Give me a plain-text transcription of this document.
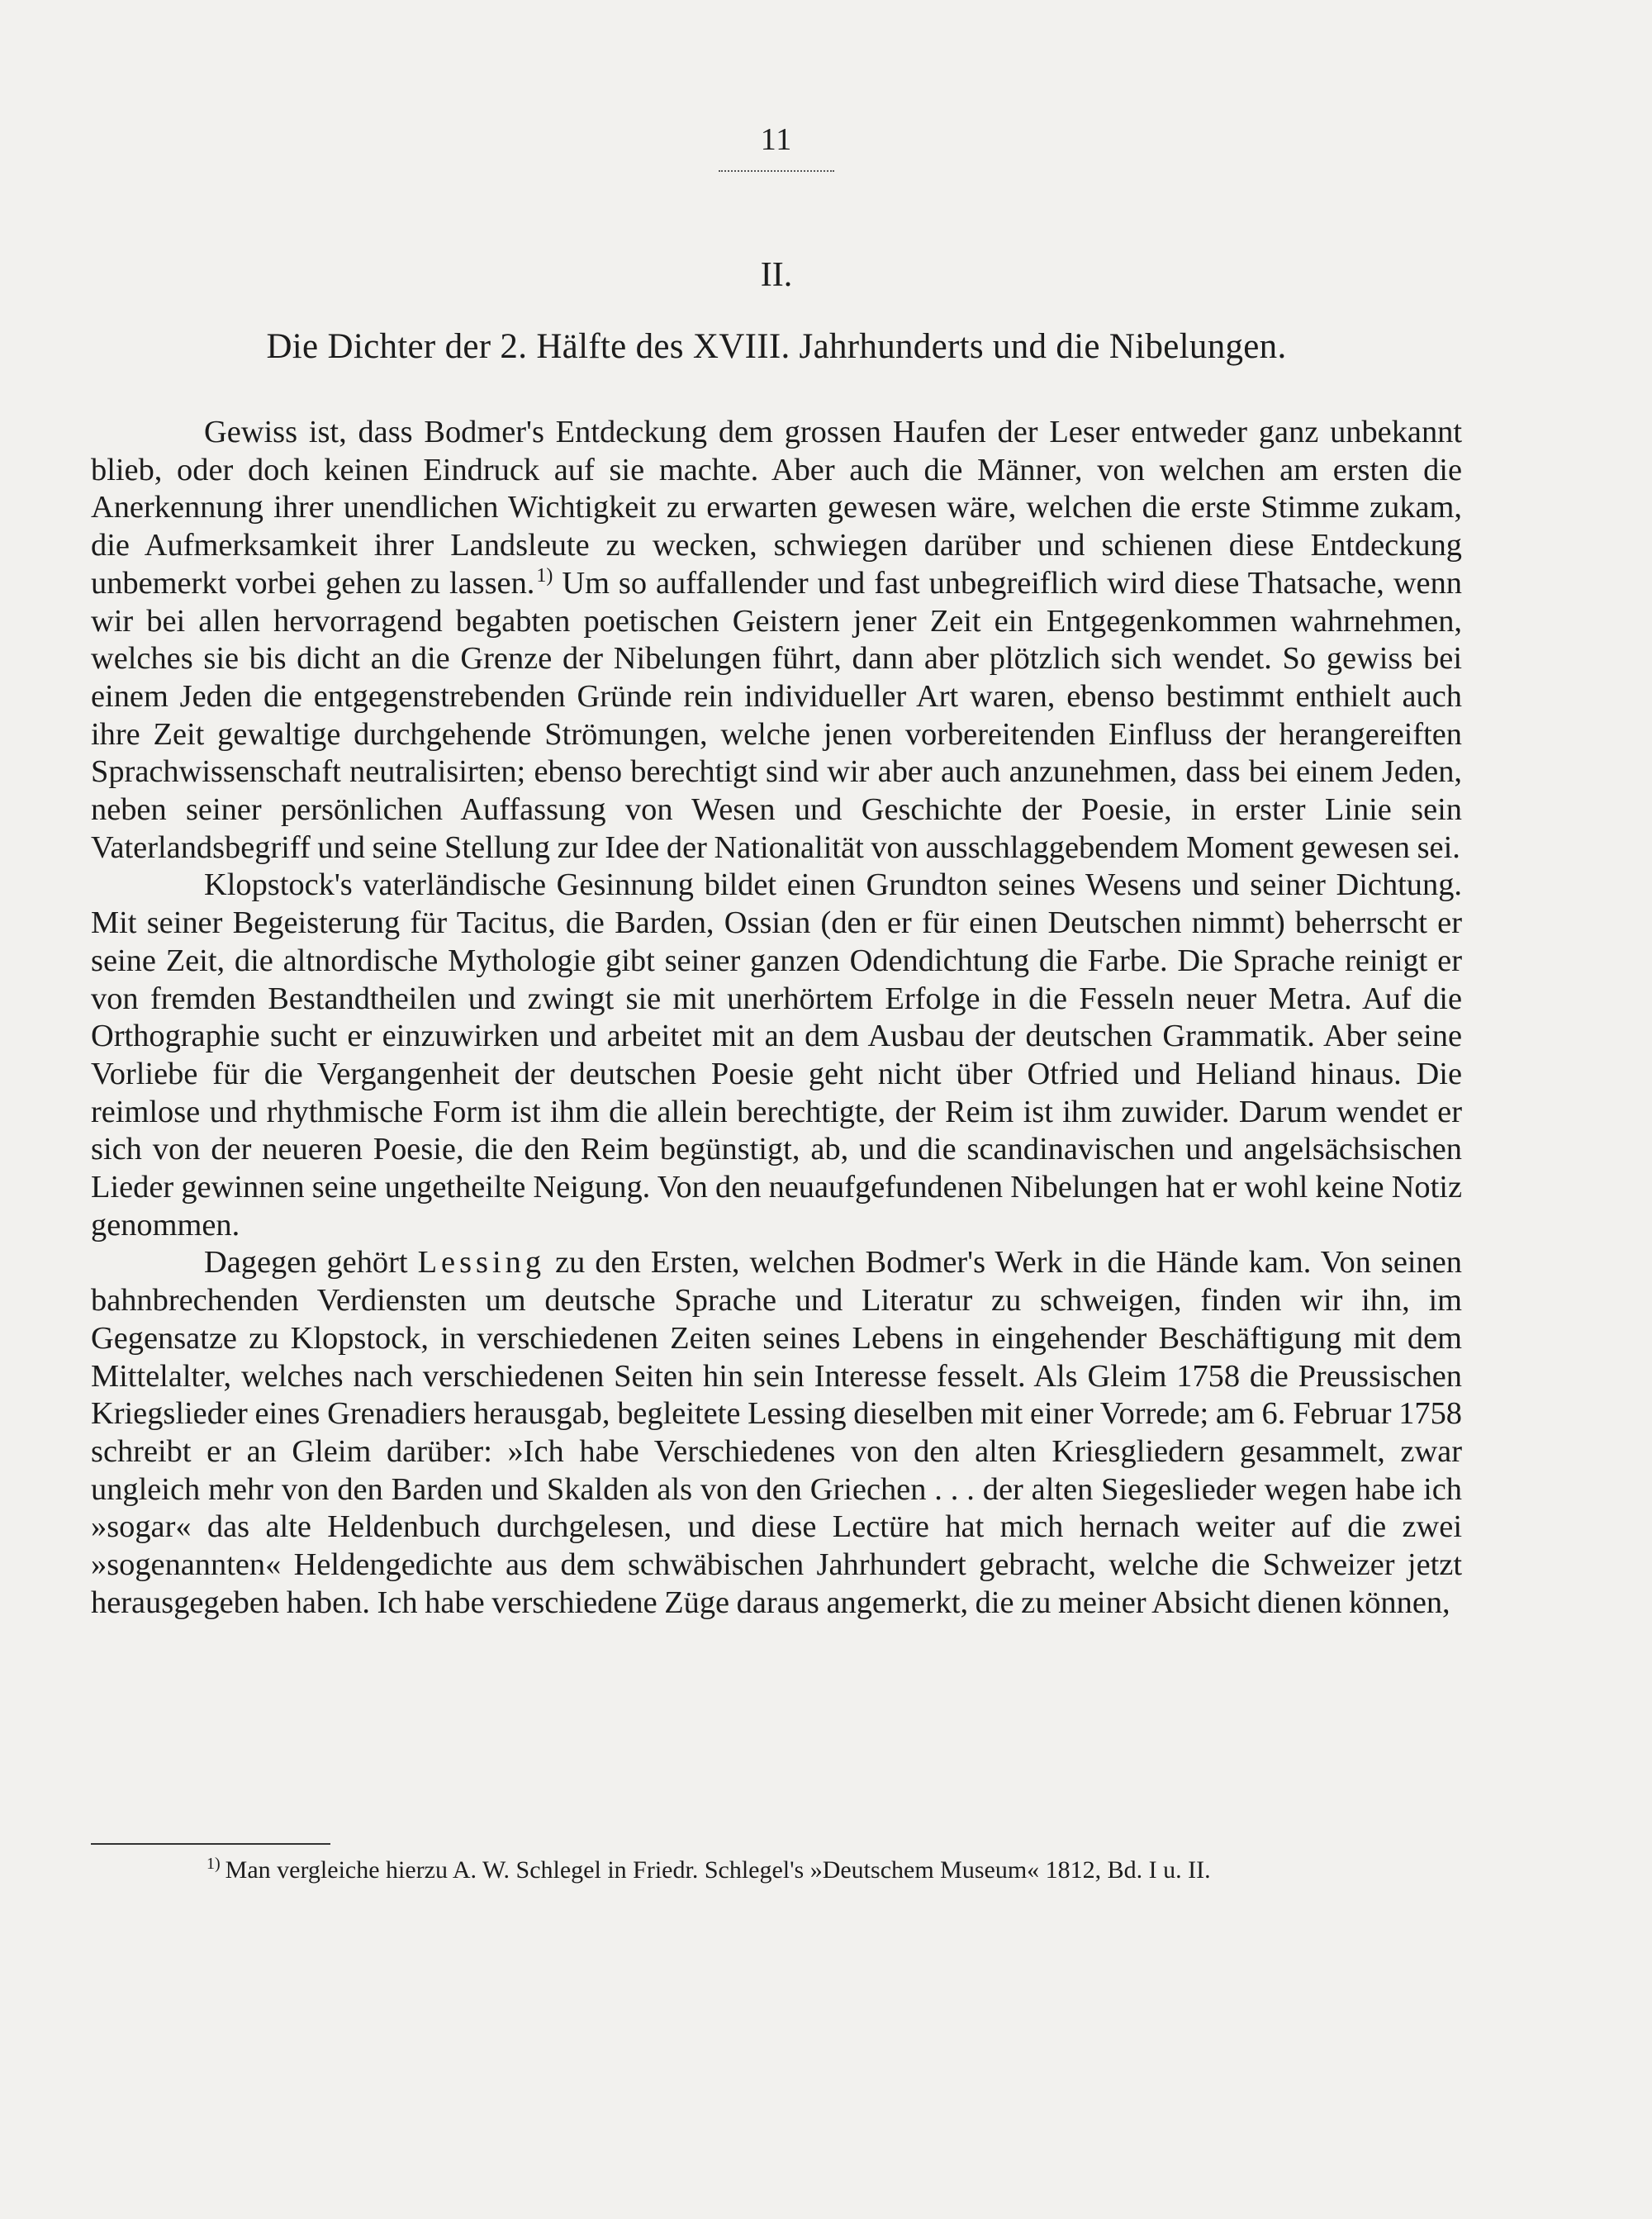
11
II.
Die Dichter der 2. Hälfte des XVIII. Jahrhunderts und die Nibelungen.

Gewiss ist, dass Bodmer's Entdeckung dem grossen Haufen der Leser entweder ganz unbekannt blieb, oder doch keinen Eindruck auf sie machte. Aber auch die Männer, von welchen am ersten die Anerkennung ihrer unendlichen Wichtigkeit zu erwarten gewesen wäre, welchen die erste Stimme zukam, die Aufmerksamkeit ihrer Landsleute zu wecken, schwiegen darüber und schienen diese Entdeckung unbemerkt vorbei gehen zu lassen.$^{1)}$ Um so auffallender und fast unbegreiflich wird diese Thatsache, wenn wir bei allen hervorragend begabten poetischen Geistern jener Zeit ein Entgegenkommen wahrnehmen, welches sie bis dicht an die Grenze der Nibelungen führt, dann aber plötzlich sich wendet. So gewiss bei einem Jeden die entgegenstrebenden Gründe rein individueller Art waren, ebenso bestimmt enthielt auch ihre Zeit gewaltige durchgehende Strömungen, welche jenen vorbereitenden Einfluss der herangereiften Sprachwissenschaft neutralisirten; ebenso berechtigt sind wir aber auch anzunehmen, dass bei einem Jeden, neben seiner persönlichen Auffassung von Wesen und Geschichte der Poesie, in erster Linie sein Vaterlandsbegriff und seine Stellung zur Idee der Nationalität von ausschlaggebendem Moment gewesen sei.

Klopstock's vaterländische Gesinnung bildet einen Grundton seines Wesens und seiner Dichtung. Mit seiner Begeisterung für Tacitus, die Barden, Ossian (den er für einen Deutschen nimmt) beherrscht er seine Zeit, die altnordische Mythologie gibt seiner ganzen Odendichtung die Farbe. Die Sprache reinigt er von fremden Bestandtheilen und zwingt sie mit unerhörtem Erfolge in die Fesseln neuer Metra. Auf die Orthographie sucht er einzuwirken und arbeitet mit an dem Ausbau der deutschen Grammatik. Aber seine Vorliebe für die Vergangenheit der deutschen Poesie geht nicht über Otfried und Heliand hinaus. Die reimlose und rhythmische Form ist ihm die allein berechtigte, der Reim ist ihm zuwider. Darum wendet er sich von der neueren Poesie, die den Reim begünstigt, ab, und die scandinavischen und angelsächsischen Lieder gewinnen seine ungetheilte Neigung. Von den neuaufgefundenen Nibelungen hat er wohl keine Notiz genommen.

Dagegen gehört Lessing zu den Ersten, welchen Bodmer's Werk in die Hände kam. Von seinen bahnbrechenden Verdiensten um deutsche Sprache und Literatur zu schweigen, finden wir ihn, im Gegensatze zu Klopstock, in verschiedenen Zeiten seines Lebens in eingehender Beschäftigung mit dem Mittelalter, welches nach verschiedenen Seiten hin sein Interesse fesselt. Als Gleim 1758 die Preussischen Kriegslieder eines Grenadiers herausgab, begleitete Lessing dieselben mit einer Vorrede; am 6. Februar 1758 schreibt er an Gleim darüber: »Ich habe Verschiedenes von den alten Kriesgliedern gesammelt, zwar ungleich mehr von den Barden und Skalden als von den Griechen . . . der alten Siegeslieder wegen habe ich »sogar« das alte Heldenbuch durchgelesen, und diese Lectüre hat mich hernach weiter auf die zwei »sogenannten« Heldengedichte aus dem schwäbischen Jahrhundert gebracht, welche die Schweizer jetzt herausgegeben haben. Ich habe verschiedene Züge daraus angemerkt, die zu meiner Absicht dienen können,

$^{1)}$ Man vergleiche hierzu A. W. Schlegel in Friedr. Schlegel's »Deutschem Museum« 1812, Bd. I u. II.
